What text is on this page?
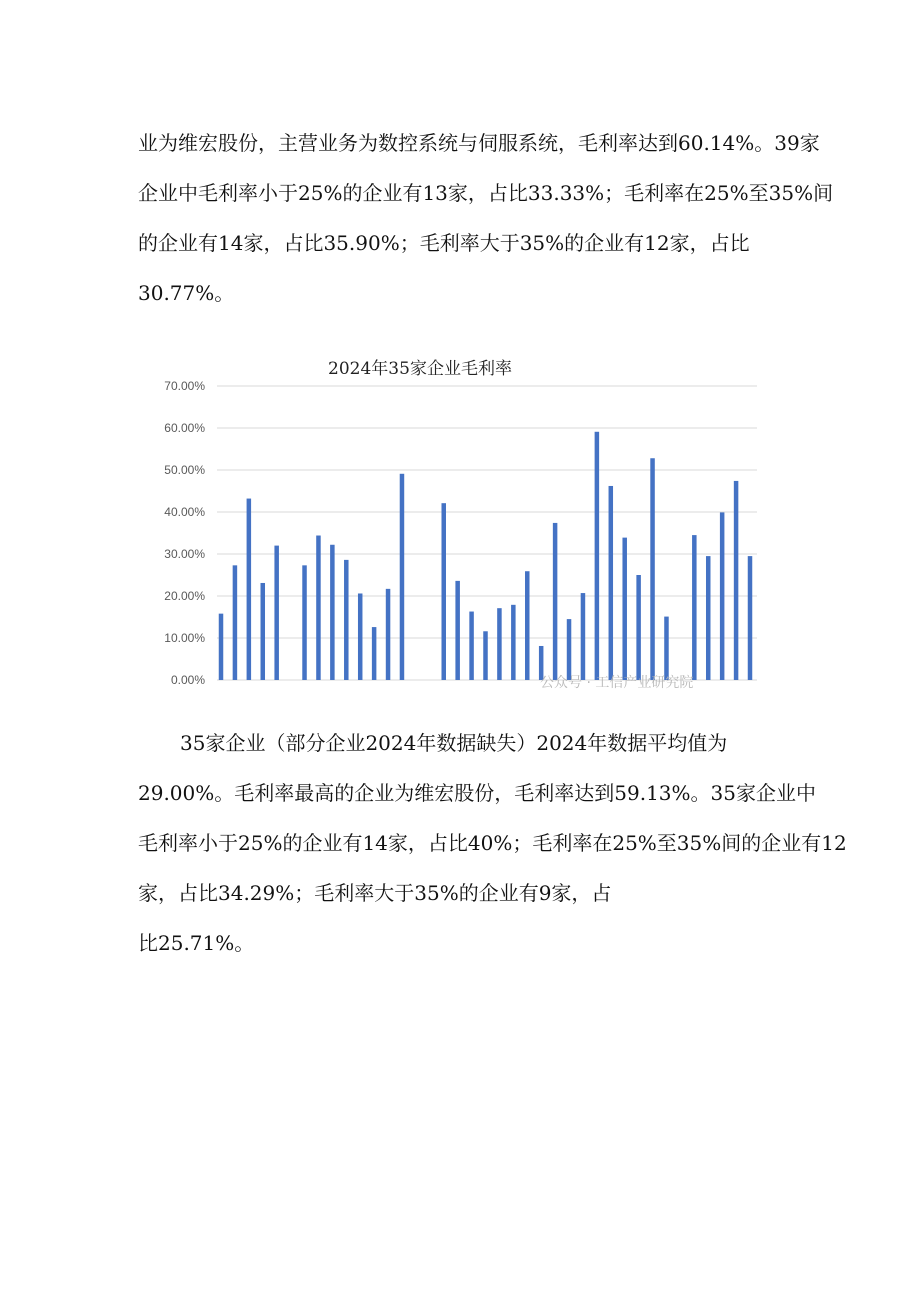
业为维宏股份，主营业务为数控系统与伺服系统，毛利率达到60.14%。39家
企业中毛利率小于25%的企业有13家，占比33.33%；毛利率在25%至35%间
的企业有14家，占比35.90%；毛利率大于35%的企业有12家，占比
30.77%。
2024年35家企业毛利率
0.00%
10.00%
20.00%
30.00%
40.00%
50.00%
60.00%
70.00%
公众号 · 工信产业研究院
35家企业（部分企业2024年数据缺失）2024年数据平均值为
29.00%。毛利率最高的企业为维宏股份，毛利率达到59.13%。35家企业中
毛利率小于25%的企业有14家，占比40%；毛利率在25%至35%间的企业有12
家，占比34.29%；毛利率大于35%的企业有9家，占
比25.71%。
